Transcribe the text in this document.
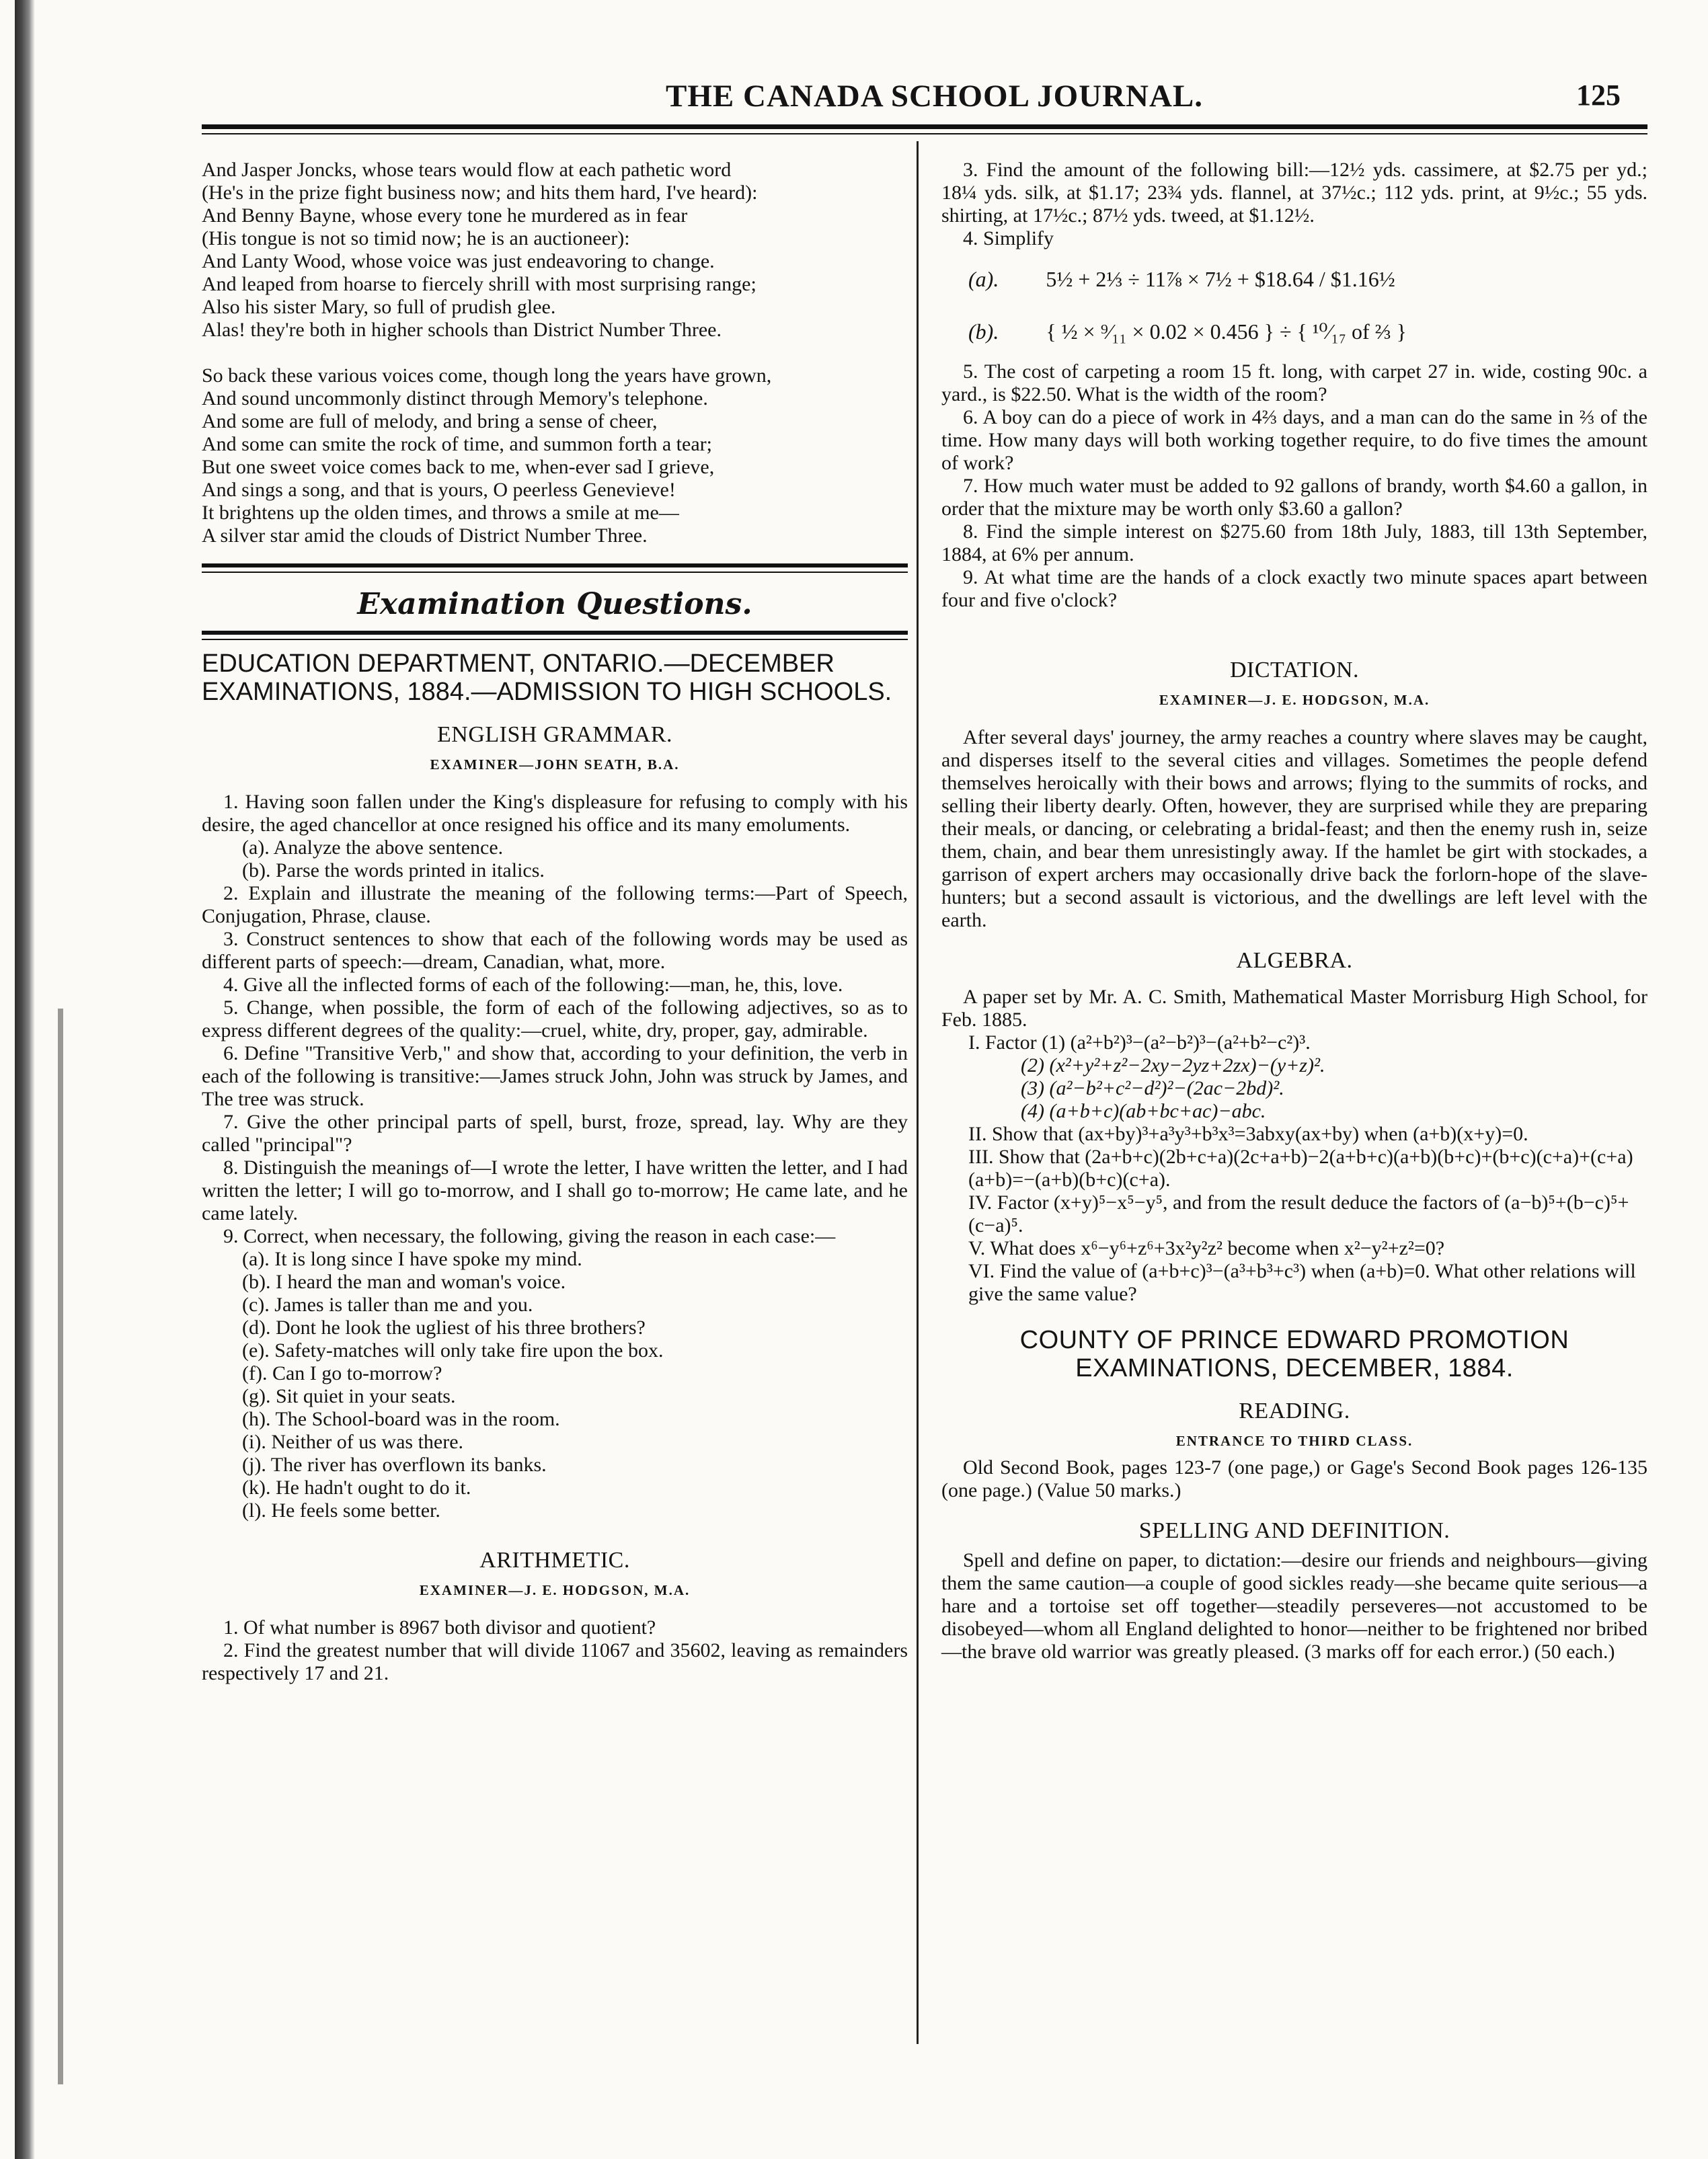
THE CANADA SCHOOL JOURNAL.	125

And Jasper Joncks, whose tears would flow at each pathetic word

(He's in the prize fight business now; and hits them hard, I've heard):

And Benny Bayne, whose every tone he murdered as in fear

(His tongue is not so timid now; he is an auctioneer):

And Lanty Wood, whose voice was just endeavoring to change.

And leaped from hoarse to fiercely shrill with most surprising range;

Also his sister Mary, so full of prudish glee.

Alas! they're both in higher schools than District Number Three.

So back these various voices come, though long the years have grown,

And sound uncommonly distinct through Memory's telephone.

And some are full of melody, and bring a sense of cheer,

And some can smite the rock of time, and summon forth a tear;

But one sweet voice comes back to me, when-ever sad I grieve,

And sings a song, and that is yours, O peerless Genevieve!

It brightens up the olden times, and throws a smile at me—

A silver star amid the clouds of District Number Three.

Examination Questions.

EDUCATION DEPARTMENT, ONTARIO.—DECEMBER EXAMINATIONS, 1884.—ADMISSION TO HIGH SCHOOLS.

ENGLISH GRAMMAR.

EXAMINER—JOHN SEATH, B.A.

1. Having soon fallen under the King's displeasure for refusing to comply with his desire, the aged chancellor at once resigned his office and its many emoluments.

(a). Analyze the above sentence.

(b). Parse the words printed in italics.

2. Explain and illustrate the meaning of the following terms:—Part of Speech, Conjugation, Phrase, clause.

3. Construct sentences to show that each of the following words may be used as different parts of speech:—dream, Canadian, what, more.

4. Give all the inflected forms of each of the following:—man, he, this, love.

5. Change, when possible, the form of each of the following adjectives, so as to express different degrees of the quality:—cruel, white, dry, proper, gay, admirable.

6. Define "Transitive Verb," and show that, according to your definition, the verb in each of the following is transitive:—James struck John, John was struck by James, and The tree was struck.

7. Give the other principal parts of spell, burst, froze, spread, lay. Why are they called "principal"?

8. Distinguish the meanings of—I wrote the letter, I have written the letter, and I had written the letter; I will go to-morrow, and I shall go to-morrow; He came late, and he came lately.

9. Correct, when necessary, the following, giving the reason in each case:—

(a). It is long since I have spoke my mind.

(b). I heard the man and woman's voice.

(c). James is taller than me and you.

(d). Dont he look the ugliest of his three brothers?

(e). Safety-matches will only take fire upon the box.

(f). Can I go to-morrow?

(g). Sit quiet in your seats.

(h). The School-board was in the room.

(i). Neither of us was there.

(j). The river has overflown its banks.

(k). He hadn't ought to do it.

(l). He feels some better.

ARITHMETIC.

EXAMINER—J. E. HODGSON, M.A.

1. Of what number is 8967 both divisor and quotient?

2. Find the greatest number that will divide 11067 and 35602, leaving as remainders respectively 17 and 21.

3. Find the amount of the following bill:—12½ yds. cassimere, at $2.75 per yd.; 18¼ yds. silk, at $1.17; 23¾ yds. flannel, at 37½c.; 112 yds. print, at 9½c.; 55 yds. shirting, at 17½c.; 87½ yds. tweed, at $1.12½.

4. Simplify

(a). 5½ + 2⅓ ÷ 11⅞ × 7½ + $18.64 / $1.16½
(b). { ½ × ⁹⁄₁₁ × 0.02 × 0.456 } ÷ { ¹⁰⁄₁₇ of ⅔ }

5. The cost of carpeting a room 15 ft. long, with carpet 27 in. wide, costing 90c. a yard., is $22.50. What is the width of the room?

6. A boy can do a piece of work in 4⅔ days, and a man can do the same in ⅔ of the time. How many days will both working together require, to do five times the amount of work?

7. How much water must be added to 92 gallons of brandy, worth $4.60 a gallon, in order that the mixture may be worth only $3.60 a gallon?

8. Find the simple interest on $275.60 from 18th July, 1883, till 13th September, 1884, at 6% per annum.

9. At what time are the hands of a clock exactly two minute spaces apart between four and five o'clock?

DICTATION.

EXAMINER—J. E. HODGSON, M.A.

After several days' journey, the army reaches a country where slaves may be caught, and disperses itself to the several cities and villages. Sometimes the people defend themselves heroically with their bows and arrows; flying to the summits of rocks, and selling their liberty dearly. Often, however, they are surprised while they are preparing their meals, or dancing, or celebrating a bridal-feast; and then the enemy rush in, seize them, chain, and bear them unresistingly away. If the hamlet be girt with stockades, a garrison of expert archers may occasionally drive back the forlorn-hope of the slave-hunters; but a second assault is victorious, and the dwellings are left level with the earth.

ALGEBRA.

A paper set by Mr. A. C. Smith, Mathematical Master Morrisburg High School, for Feb. 1885.

I. Factor (1) (a²+b²)³−(a²−b²)³−(a²+b²−c²)³.

(2) (x²+y²+z²−2xy−2yz+2zx)−(y+z)².

(3) (a²−b²+c²−d²)²−(2ac−2bd)².

(4) (a+b+c)(ab+bc+ac)−abc.

II. Show that (ax+by)³+a³y³+b³x³=3abxy(ax+by) when (a+b)(x+y)=0.

III. Show that (2a+b+c)(2b+c+a)(2c+a+b)−2(a+b+c)(a+b)(b+c)+(b+c)(c+a)+(c+a)(a+b)=−(a+b)(b+c)(c+a).

IV. Factor (x+y)⁵−x⁵−y⁵, and from the result deduce the factors of (a−b)⁵+(b−c)⁵+(c−a)⁵.

V. What does x⁶−y⁶+z⁶+3x²y²z² become when x²−y²+z²=0?

VI. Find the value of (a+b+c)³−(a³+b³+c³) when (a+b)=0. What other relations will give the same value?

COUNTY OF PRINCE EDWARD PROMOTION EXAMINATIONS, DECEMBER, 1884.

READING.

ENTRANCE TO THIRD CLASS.

Old Second Book, pages 123-7 (one page,) or Gage's Second Book pages 126-135 (one page.) (Value 50 marks.)

SPELLING AND DEFINITION.

Spell and define on paper, to dictation:—desire our friends and neighbours—giving them the same caution—a couple of good sickles ready—she became quite serious—a hare and a tortoise set off together—steadily perseveres—not accustomed to be disobeyed—whom all England delighted to honor—neither to be frightened nor bribed—the brave old warrior was greatly pleased. (3 marks off for each error.) (50 each.)
